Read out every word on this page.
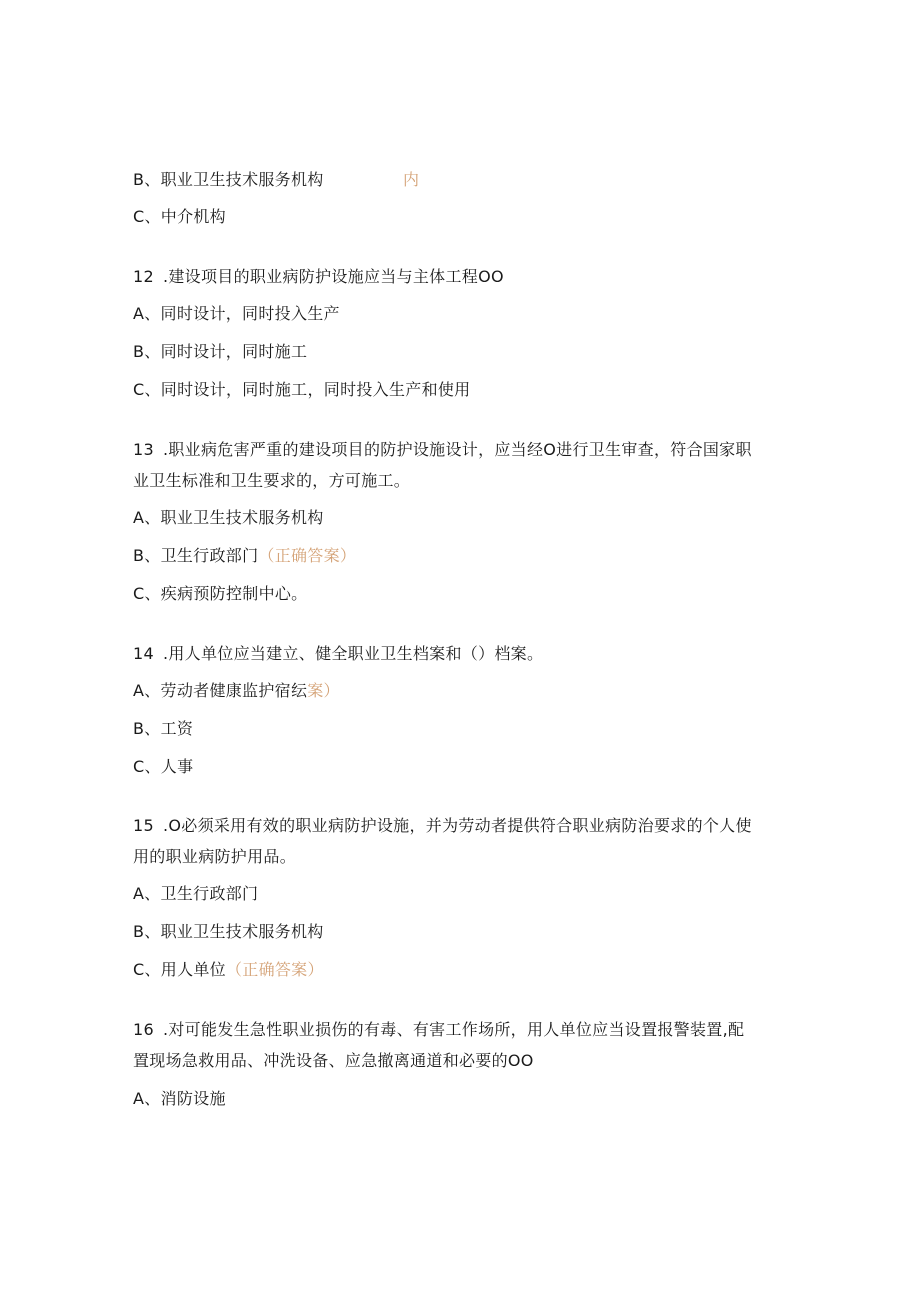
B、职业卫生技术服务机构	内
C、中介机构
12 .建设项目的职业病防护设施应当与主体工程OO
A、同时设计，同时投入生产
B、同时设计，同时施工
C、同时设计，同时施工，同时投入生产和使用
13 .职业病危害严重的建设项目的防护设施设计，应当经O进行卫生审查，符合国家职
业卫生标准和卫生要求的，方可施工。
A、职业卫生技术服务机构
B、卫生行政部门（正确答案）
C、疾病预防控制中心。
14 .用人单位应当建立、健全职业卫生档案和（）档案。
A、劳动者健康监护宿纭案）
B、工资
C、人事
15 .O必须采用有效的职业病防护设施，并为劳动者提供符合职业病防治要求的个人使
用的职业病防护用品。
A、卫生行政部门
B、职业卫生技术服务机构
C、用人单位（正确答案）
16 .对可能发生急性职业损伤的有毒、有害工作场所，用人单位应当设置报警装置,配
置现场急救用品、冲洗设备、应急撤离通道和必要的OO
A、消防设施
